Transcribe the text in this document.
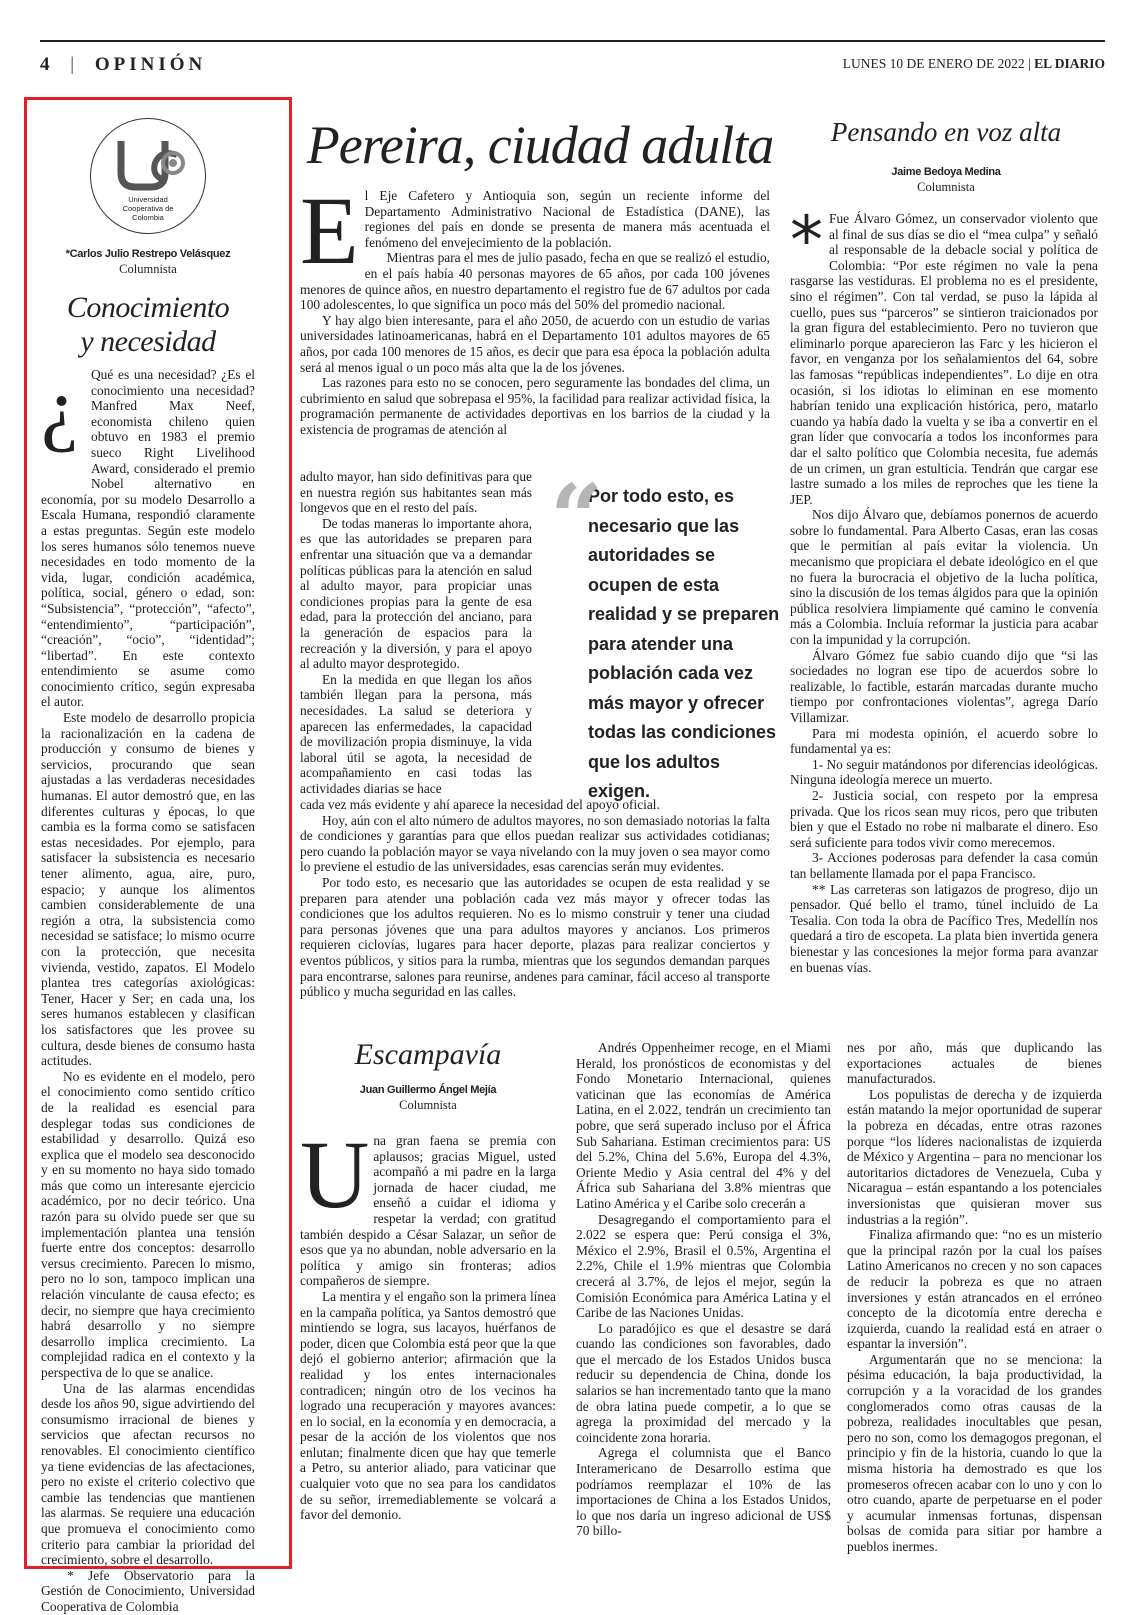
4 | OPINIÓN	LUNES 10 DE ENERO DE 2022 | EL DIARIO
Universidad Cooperativa de Colombia
*Carlos Julio Restrepo Velásquez
Columnista
Conocimiento
y necesidad
¿ Qué es una necesidad? ¿Es el conocimiento una necesidad? Manfred Max Neef, economista chileno quien obtuvo en 1983 el premio sueco Right Livelihood Award, considerado el premio Nobel alternativo en economía, por su modelo Desarrollo a Escala Humana, respondió claramente a estas preguntas. Según este modelo los seres humanos sólo tenemos nueve necesidades en todo momento de la vida, lugar, condición académica, política, social, género o edad, son: “Subsistencia”, “protección”, “afecto”, “entendimiento”, “participación”, “creación”, “ocio”, “identidad”; “libertad”. En este contexto entendimiento se asume como conocimiento crítico, según expresaba el autor.

Este modelo de desarrollo propicia la racionalización en la cadena de producción y consumo de bienes y servicios, procurando que sean ajustadas a las verdaderas necesidades humanas. El autor demostró que, en las diferentes culturas y épocas, lo que cambia es la forma como se satisfacen estas necesidades. Por ejemplo, para satisfacer la subsistencia es necesario tener alimento, agua, aire, puro, espacio; y aunque los alimentos cambien considerablemente de una región a otra, la subsistencia como necesidad se satisface; lo mismo ocurre con la protección, que necesita vivienda, vestido, zapatos. El Modelo plantea tres categorías axiológicas: Tener, Hacer y Ser; en cada una, los seres humanos establecen y clasifican los satisfactores que les provee su cultura, desde bienes de consumo hasta actitudes.

No es evidente en el modelo, pero el conocimiento como sentido crítico de la realidad es esencial para desplegar todas sus condiciones de estabilidad y desarrollo. Quizá eso explica que el modelo sea desconocido y en su momento no haya sido tomado más que como un interesante ejercicio académico, por no decir teórico. Una razón para su olvido puede ser que su implementación plantea una tensión fuerte entre dos conceptos: desarrollo versus crecimiento. Parecen lo mismo, pero no lo son, tampoco implican una relación vinculante de causa efecto; es decir, no siempre que haya crecimiento habrá desarrollo y no siempre desarrollo implica crecimiento. La complejidad radica en el contexto y la perspectiva de lo que se analice.

Una de las alarmas encendidas desde los años 90, sigue advirtiendo del consumismo irracional de bienes y servicios que afectan recursos no renovables. El conocimiento científico ya tiene evidencias de las afectaciones, pero no existe el criterio colectivo que cambie las tendencias que mantienen las alarmas. Se requiere una educación que promueva el conocimiento como criterio para cambiar la prioridad del crecimiento, sobre el desarrollo.

* Jefe Observatorio para la Gestión de Conocimiento, Universidad Cooperativa de Colombia

Pereira, ciudad adulta
E l Eje Cafetero y Antioquia son, según un reciente informe del Departamento Administrativo Nacional de Estadística (DANE), las regiones del país en donde se presenta de manera más acentuada el fenómeno del envejecimiento de la población.

Mientras para el mes de julio pasado, fecha en que se realizó el estudio, en el país había 40 personas mayores de 65 años, por cada 100 jóvenes menores de quince años, en nuestro departamento el registro fue de 67 adultos por cada 100 adolescentes, lo que significa un poco más del 50% del promedio nacional.

Y hay algo bien interesante, para el año 2050, de acuerdo con un estudio de varias universidades latinoamericanas, habrá en el Departamento 101 adultos mayores de 65 años, por cada 100 menores de 15 años, es decir que para esa época la población adulta será al menos igual o un poco más alta que la de los jóvenes.

Las razones para esto no se conocen, pero seguramente las bondades del clima, un cubrimiento en salud que sobrepasa el 95%, la facilidad para realizar actividad física, la programación permanente de actividades deportivas en los barrios de la ciudad y la existencia de programas de atención al

adulto mayor, han sido definitivas para que en nuestra región sus habitantes sean más longevos que en el resto del país.

De todas maneras lo importante ahora, es que las autoridades se preparen para enfrentar una situación que va a demandar políticas públicas para la atención en salud al adulto mayor, para propiciar unas condiciones propias para la gente de esa edad, para la protección del anciano, para la generación de espacios para la recreación y la diversión, y para el apoyo al adulto mayor desprotegido.

En la medida en que llegan los años también llegan para la persona, más necesidades. La salud se deteriora y aparecen las enfermedades, la capacidad de movilización propia disminuye, la vida laboral útil se agota, la necesidad de acompañamiento en casi todas las actividades diarias se hace

“
Por todo esto, es necesario que las autoridades se ocupen de esta realidad y se preparen para atender una población cada vez más mayor y ofrecer todas las condiciones que los adultos exigen.

cada vez más evidente y ahí aparece la necesidad del apoyo oficial.

Hoy, aún con el alto número de adultos mayores, no son demasiado notorias la falta de condiciones y garantías para que ellos puedan realizar sus actividades cotidianas; pero cuando la población mayor se vaya nivelando con la muy joven o sea mayor como lo previene el estudio de las universidades, esas carencias serán muy evidentes.

Por todo esto, es necesario que las autoridades se ocupen de esta realidad y se preparen para atender una población cada vez más mayor y ofrecer todas las condiciones que los adultos requieren. No es lo mismo construir y tener una ciudad para personas jóvenes que una para adultos mayores y ancianos. Los primeros requieren ciclovías, lugares para hacer deporte, plazas para realizar conciertos y eventos públicos, y sitios para la rumba, mientras que los segundos demandan parques para encontrarse, salones para reunirse, andenes para caminar, fácil acceso al transporte público y mucha seguridad en las calles.

Pensando en voz alta
Jaime Bedoya Medina
Columnista
* Fue Álvaro Gómez, un conservador violento que al final de sus días se dio el “mea culpa” y señaló al responsable de la debacle social y política de Colombia: “Por este régimen no vale la pena rasgarse las vestiduras. El problema no es el presidente, sino el régimen”. Con tal verdad, se puso la lápida al cuello, pues sus “parceros” se sintieron traicionados por la gran figura del establecimiento. Pero no tuvieron que eliminarlo porque aparecieron las Farc y les hicieron el favor, en venganza por los señalamientos del 64, sobre las famosas “repúblicas independientes”. Lo dije en otra ocasión, si los idiotas lo eliminan en ese momento habrían tenido una explicación histórica, pero, matarlo cuando ya había dado la vuelta y se iba a convertir en el gran líder que convocaría a todos los inconformes para dar el salto político que Colombia necesita, fue además de un crimen, un gran estulticia. Tendrán que cargar ese lastre sumado a los miles de reproches que les tiene la JEP.

Nos dijo Álvaro que, debíamos ponernos de acuerdo sobre lo fundamental. Para Alberto Casas, eran las cosas que le permitían al país evitar la violencia. Un mecanismo que propiciara el debate ideológico en el que no fuera la burocracia el objetivo de la lucha política, sino la discusión de los temas álgidos para que la opinión pública resolviera limpiamente qué camino le convenía más a Colombia. Incluía reformar la justicia para acabar con la impunidad y la corrupción.

Álvaro Gómez fue sabio cuando dijo que “si las sociedades no logran ese tipo de acuerdos sobre lo realizable, lo factible, estarán marcadas durante mucho tiempo por confrontaciones violentas”, agrega Darío Villamizar.

Para mi modesta opinión, el acuerdo sobre lo fundamental ya es:

1- No seguir matándonos por diferencias ideológicas. Ninguna ideología merece un muerto.

2- Justicia social, con respeto por la empresa privada. Que los ricos sean muy ricos, pero que tributen bien y que el Estado no robe ni malbarate el dinero. Eso será suficiente para todos vivir como merecemos.

3- Acciones poderosas para defender la casa común tan bellamente llamada por el papa Francisco.

** Las carreteras son latigazos de progreso, dijo un pensador. Qué bello el tramo, túnel incluido de La Tesalia. Con toda la obra de Pacífico Tres, Medellín nos quedará a tiro de escopeta. La plata bien invertida genera bienestar y las concesiones la mejor forma para avanzar en buenas vías.

Escampavía
Juan Guillermo Ángel Mejía
Columnista
U na gran faena se premia con aplausos; gracias Miguel, usted acompañó a mi padre en la larga jornada de hacer ciudad, me enseñó a cuidar el idioma y respetar la verdad; con gratitud también despido a César Salazar, un señor de esos que ya no abundan, noble adversario en la política y amigo sin fronteras; adios compañeros de siempre.

La mentira y el engaño son la primera línea en la campaña política, ya Santos demostró que mintiendo se logra, sus lacayos, huérfanos de poder, dicen que Colombia está peor que la que dejó el gobierno anterior; afirmación que la realidad y los entes internacionales contradicen; ningún otro de los vecinos ha logrado una recuperación y mayores avances: en lo social, en la economía y en democracia, a pesar de la acción de los violentos que nos enlutan; finalmente dicen que hay que temerle a Petro, su anterior aliado, para vaticinar que cualquier voto que no sea para los candidatos de su señor, irremediablemente se volcará a favor del demonio.

Andrés Oppenheimer recoge, en el Miami Herald, los pronósticos de economistas y del Fondo Monetario Internacional, quienes vaticinan que las economías de América Latina, en el 2.022, tendrán un crecimiento tan pobre, que será superado incluso por el África Sub Sahariana. Estiman crecimientos para: US del 5.2%, China del 5.6%, Europa del 4.3%, Oriente Medio y Asia central del 4% y del África sub Sahariana del 3.8% mientras que Latino América y el Caribe solo crecerán a

Desagregando el comportamiento para el 2.022 se espera que: Perú consiga el 3%, México el 2.9%, Brasil el 0.5%, Argentina el 2.2%, Chile el 1.9% mientras que Colombia crecerá al 3.7%, de lejos el mejor, según la Comisión Económica para América Latina y el Caribe de las Naciones Unidas.

Lo paradójico es que el desastre se dará cuando las condiciones son favorables, dado que el mercado de los Estados Unidos busca reducir su dependencia de China, donde los salarios se han incrementado tanto que la mano de obra latina puede competir, a lo que se agrega la proximidad del mercado y la coincidente zona horaria.

Agrega el columnista que el Banco Interamericano de Desarrollo estima que podríamos reemplazar el 10% de las importaciones de China a los Estados Unidos, lo que nos daría un ingreso adicional de US$ 70 billo-

nes por año, más que duplicando las exportaciones actuales de bienes manufacturados.

Los populistas de derecha y de izquierda están matando la mejor oportunidad de superar la pobreza en décadas, entre otras razones porque “los líderes nacionalistas de izquierda de México y Argentina – para no mencionar los autoritarios dictadores de Venezuela, Cuba y Nicaragua – están espantando a los potenciales inversionistas que quisieran mover sus industrias a la región”.

Finaliza afirmando que: “no es un misterio que la principal razón por la cual los países Latino Americanos no crecen y no son capaces de reducir la pobreza es que no atraen inversiones y están atrancados en el erróneo concepto de la dicotomía entre derecha e izquierda, cuando la realidad está en atraer o espantar la inversión”.

Argumentarán que no se menciona: la pésima educación, la baja productividad, la corrupción y a la voracidad de los grandes conglomerados como otras causas de la pobreza, realidades inocultables que pesan, pero no son, como los demagogos pregonan, el principio y fin de la historia, cuando lo que la misma historia ha demostrado es que los promeseros ofrecen acabar con lo uno y con lo otro cuando, aparte de perpetuarse en el poder y acumular inmensas fortunas, dispensan bolsas de comida para sitiar por hambre a pueblos inermes.
